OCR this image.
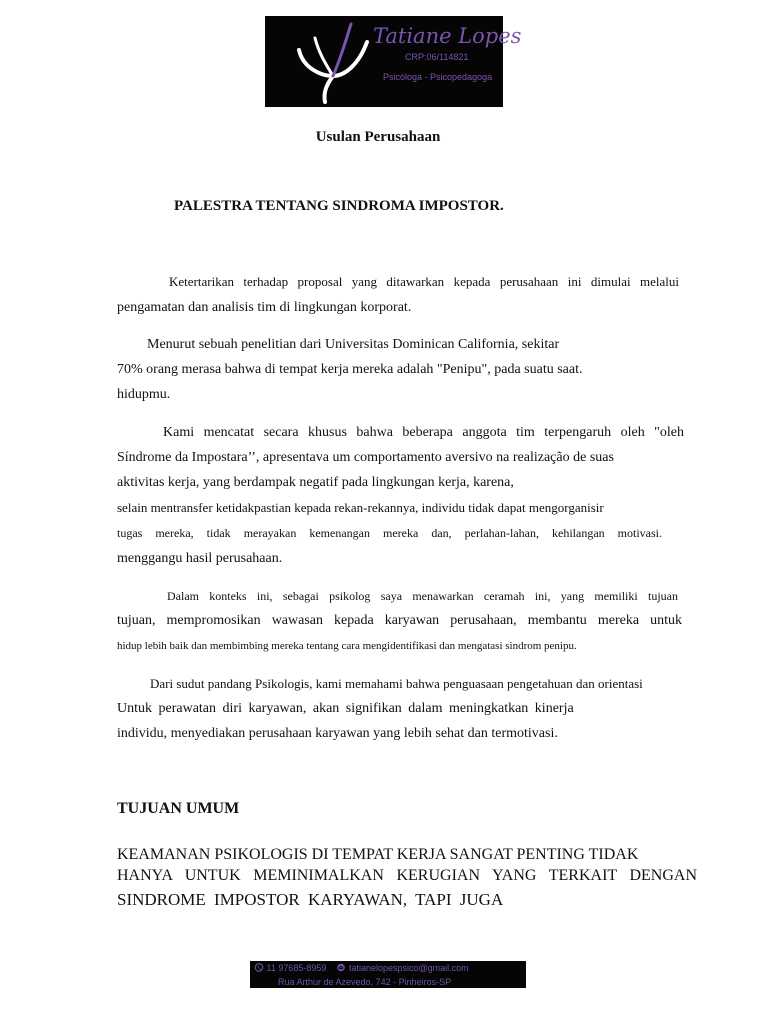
Tatiane Lopes
CRP:06/114821
Psicóloga - Psicopedagoga
Usulan Perusahaan
PALESTRA TENTANG SINDROMA IMPOSTOR.
Ketertarikan terhadap proposal yang ditawarkan kepada perusahaan ini dimulai melalui
pengamatan dan analisis tim di lingkungan korporat.
Menurut sebuah penelitian dari Universitas Dominican California, sekitar
70% orang merasa bahwa di tempat kerja mereka adalah "Penipu", pada suatu saat.
hidupmu.
Kami mencatat secara khusus bahwa beberapa anggota tim terpengaruh oleh "oleh
Síndrome da Impostara’’, apresentava um comportamento aversivo na realização de suas
aktivitas kerja, yang berdampak negatif pada lingkungan kerja, karena,
selain mentransfer ketidakpastian kepada rekan-rekannya, individu tidak dapat mengorganisir
tugas mereka, tidak merayakan kemenangan mereka dan, perlahan-lahan, kehilangan motivasi.
menggangu hasil perusahaan.
Dalam konteks ini, sebagai psikolog saya menawarkan ceramah ini, yang memiliki tujuan
tujuan, mempromosikan wawasan kepada karyawan perusahaan, membantu mereka untuk
hidup lebih baik dan membimbing mereka tentang cara mengidentifikasi dan mengatasi sindrom penipu.
Dari sudut pandang Psikologis, kami memahami bahwa penguasaan pengetahuan dan orientasi
Untuk perawatan diri karyawan, akan signifikan dalam meningkatkan kinerja
individu, menyediakan perusahaan karyawan yang lebih sehat dan termotivasi.
TUJUAN UMUM
KEAMANAN PSIKOLOGIS DI TEMPAT KERJA SANGAT PENTING TIDAK
HANYA UNTUK MEMINIMALKAN KERUGIAN YANG TERKAIT DENGAN
SINDROME IMPOSTOR KARYAWAN, TAPI JUGA
11 97685-8959	tatianelopespsico@gmail.com
Rua Arthur de Azevedo, 742 - Pinheiros-SP
